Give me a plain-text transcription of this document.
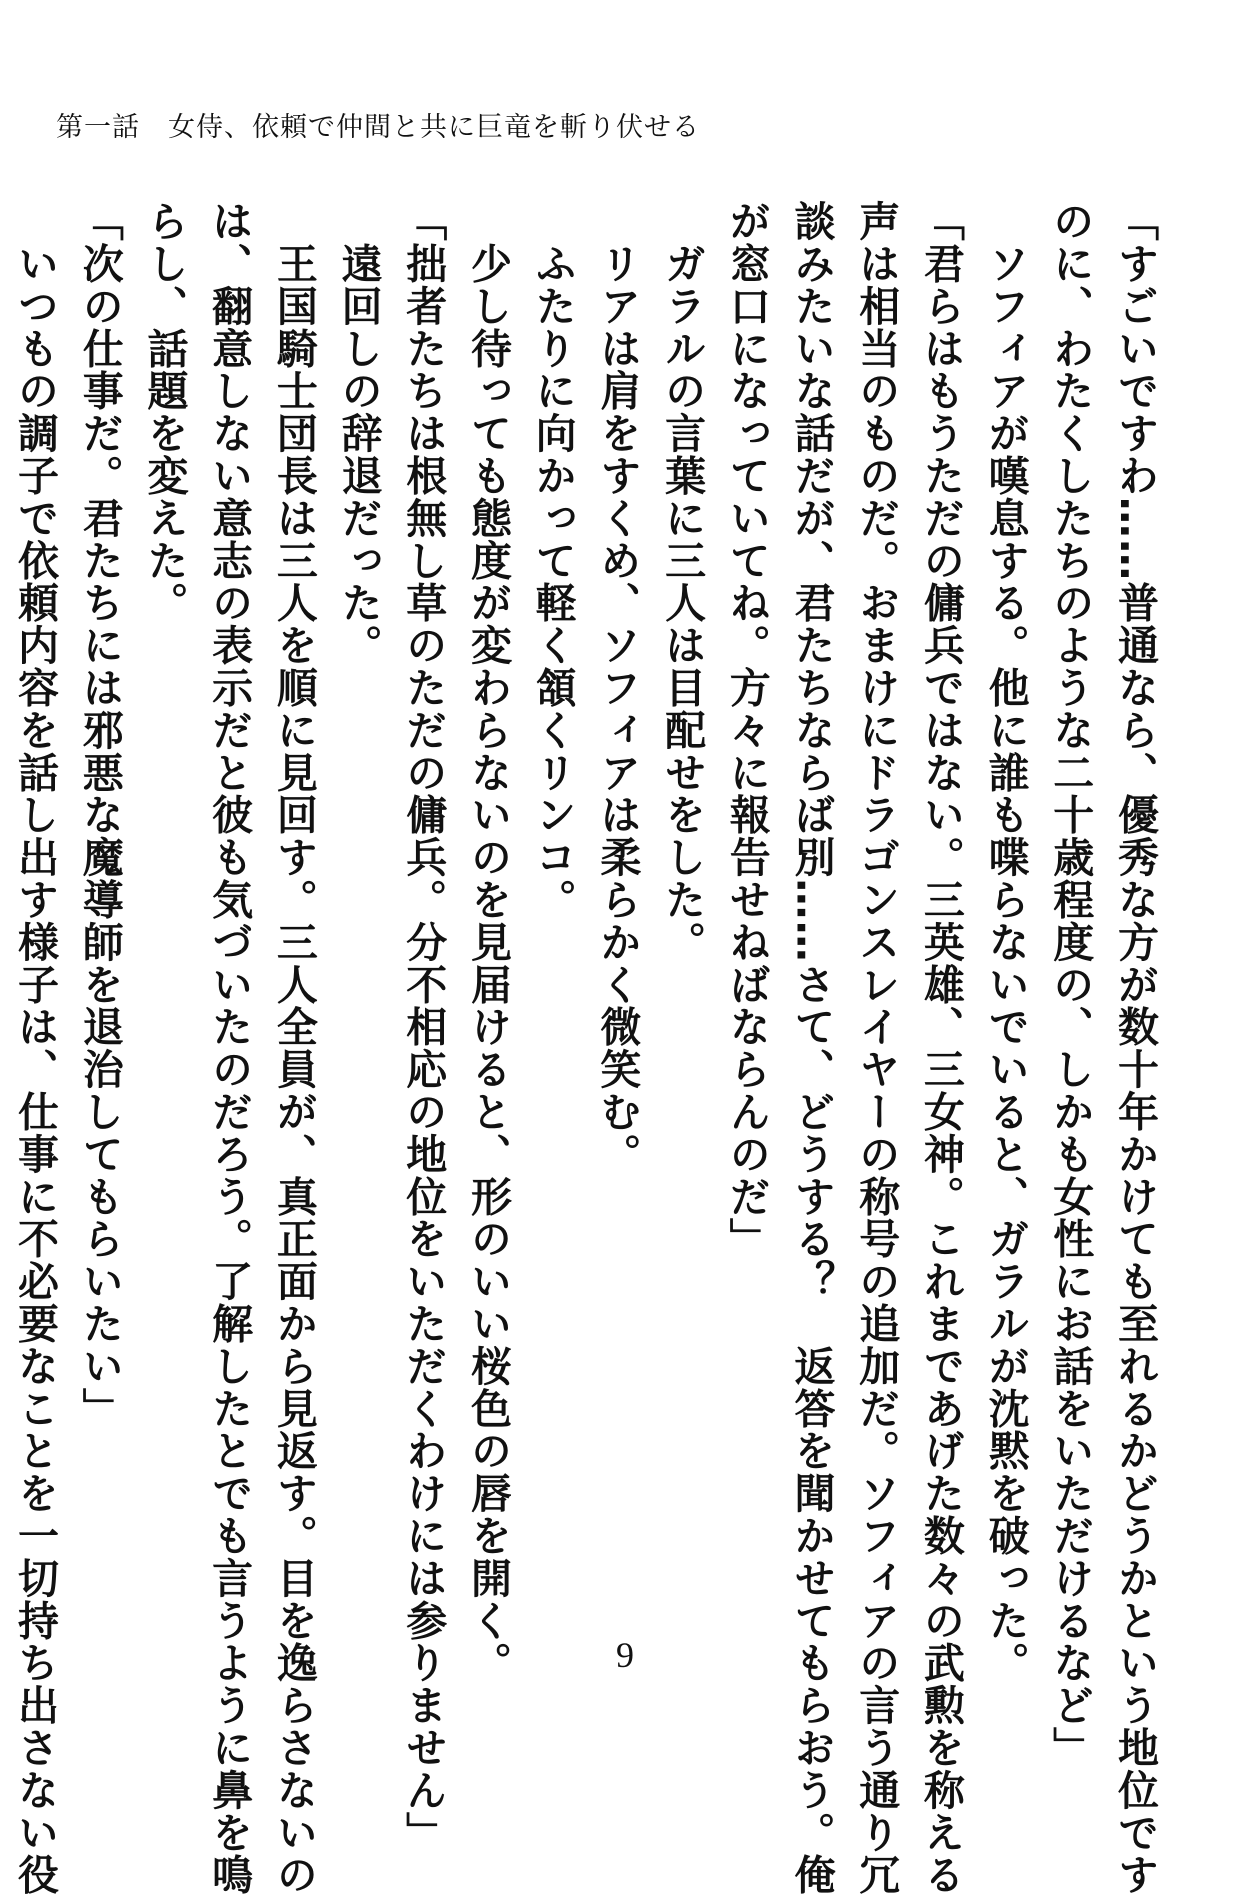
第一話　女侍、依頼で仲間と共に巨竜を斬り伏せる
「すごいですわ……普通なら、優秀な方が数十年かけても至れるかどうかという地位です
のに、わたくしたちのような二十歳程度の、しかも女性にお話をいただけるなど」
　ソフィアが嘆息する。他に誰も喋らないでいると、ガラルが沈黙を破った。
「君らはもうただの傭兵ではない。三英雄、三女神。これまであげた数々の武勲を称える
声は相当のものだ。おまけにドラゴンスレイヤーの称号の追加だ。ソフィアの言う通り冗
談みたいな話だが、君たちならば別……さて、どうする？　返答を聞かせてもらおう。俺
が窓口になっていてね。方々に報告せねばならんのだ」
　ガラルの言葉に三人は目配せをした。
　リアは肩をすくめ、ソフィアは柔らかく微笑む。
　ふたりに向かって軽く頷くリンコ。
　少し待っても態度が変わらないのを見届けると、形のいい桜色の唇を開く。
「拙者たちは根無し草のただの傭兵。分不相応の地位をいただくわけには参りません」
　遠回しの辞退だった。
　王国騎士団長は三人を順に見回す。三人全員が、真正面から見返す。目を逸らさないの
は、翻意しない意志の表示だと彼も気づいたのだろう。了解したとでも言うように鼻を鳴
らし、話題を変えた。
「次の仕事だ。君たちには邪悪な魔導師を退治してもらいたい」
　いつもの調子で依頼内容を話し出す様子は、仕事に不必要なことを一切持ち出さない役	9
